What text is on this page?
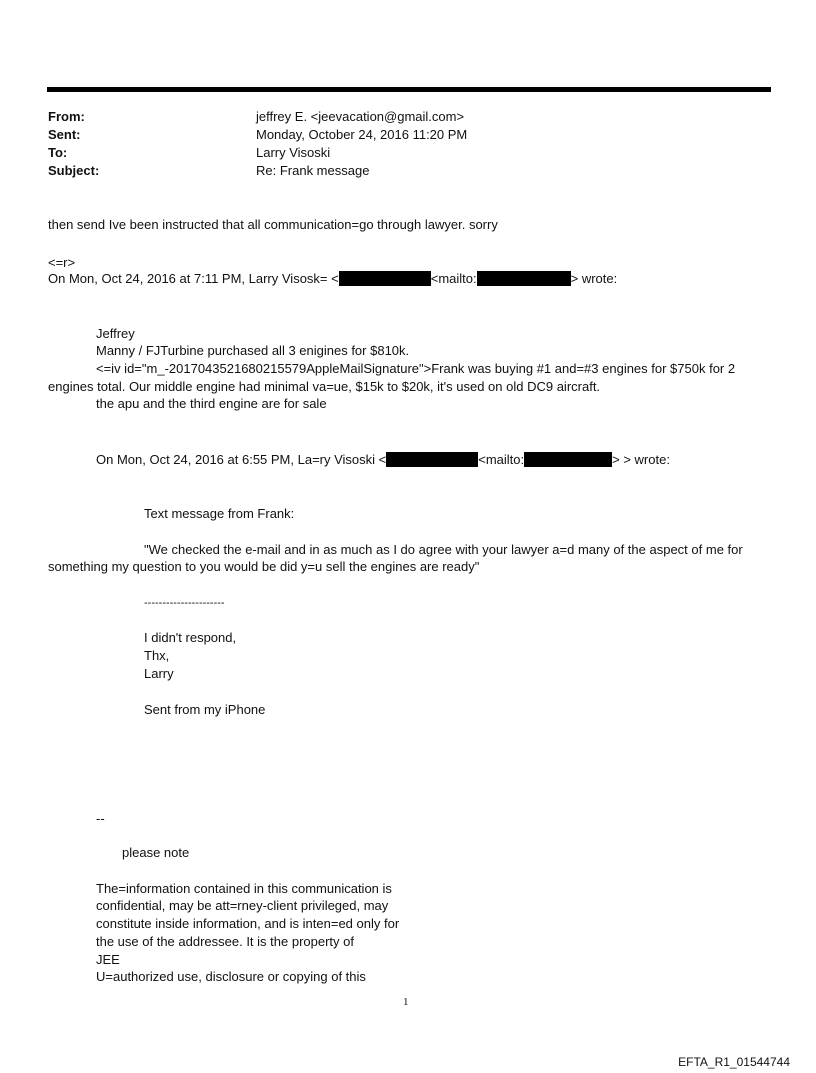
From:	jeffrey E. <jeevacation@gmail.com>
Sent:	Monday, October 24, 2016 11:20 PM
To:	Larry Visoski
Subject:	Re: Frank message
then send Ive been instructed that all communication=go through lawyer. sorry
<=r>
On Mon, Oct 24, 2016 at 7:11 PM, Larry Visosk= <	<mailto:	> wrote:
Jeffrey
Manny / FJTurbine purchased all 3 enigines for $810k.
<=iv id="m_-2017043521680215579AppleMailSignature">Frank was buying #1 and=#3 engines for $750k for 2
engines total. Our middle engine had minimal va=ue, $15k to $20k, it's used on old DC9 aircraft.
the apu and the third engine are for sale
On Mon, Oct 24, 2016 at 6:55 PM, La=ry Visoski <	<mailto:	> > wrote:
Text message from Frank:
"We checked the e-mail and in as much as I do agree with your lawyer a=d many of the aspect of me for
something my question to you would be did y=u sell the engines are ready"
----------------------
I didn't respond,
Thx,
Larry
Sent from my iPhone
--
please note
The=information contained in this communication is
confidential, may be att=rney-client privileged, may
constitute inside information, and is inten=ed only for
the use of the addressee. It is the property of
JEE
U=authorized use, disclosure or copying of this
1
EFTA_R1_01544744
